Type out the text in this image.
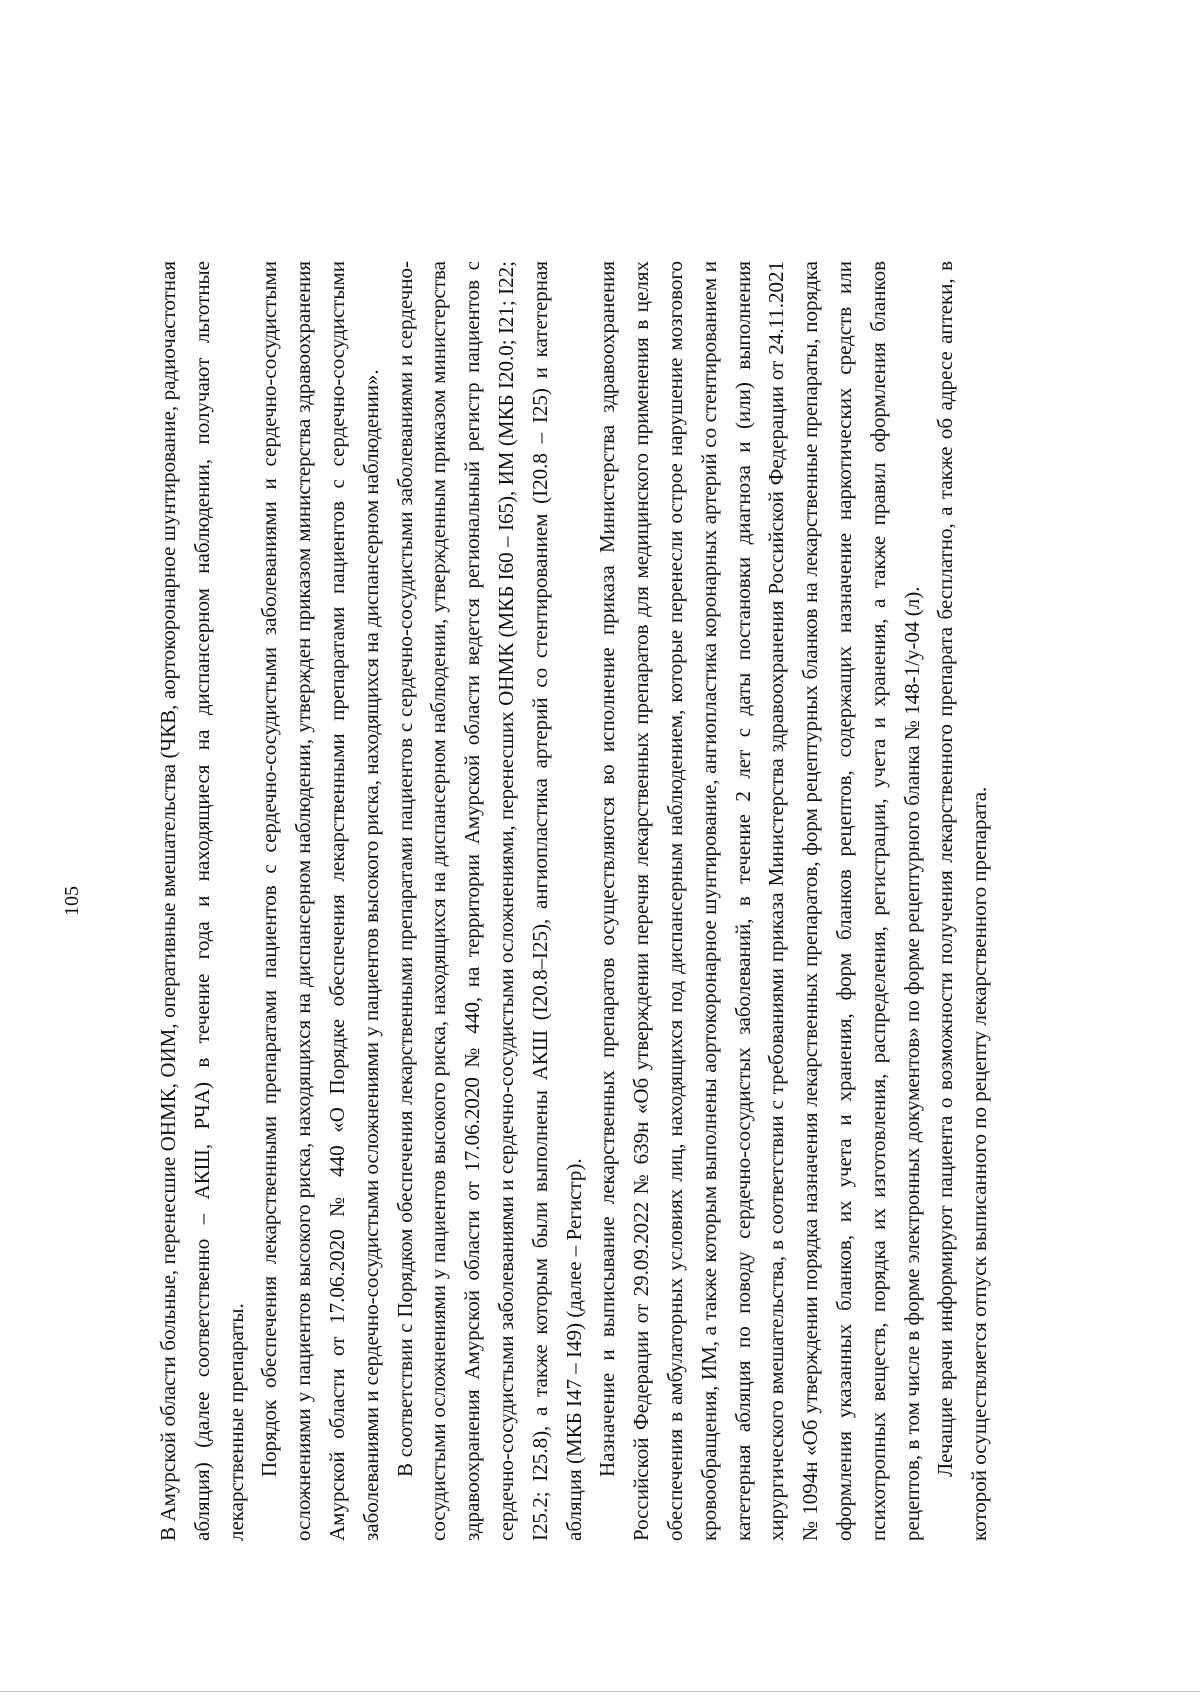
105	В Амурской области больные, перенесшие ОНМК, ОИМ, оперативные вмешательства (ЧКВ, аортокоронарное шунтирование, радиочастотная абляция) (далее соответственно – АКШ, РЧА) в течение года и находящиеся на диспансерном наблюдении, получают льготные лекарственные препараты. Порядок обеспечения лекарственными препаратами пациентов с сердечно-сосудистыми заболеваниями и сердечно-сосудистыми осложнениями у пациентов высокого риска, находящихся на диспансерном наблюдении, утвержден приказом министерства здравоохранения Амурской области от 17.06.2020 № 440 «О Порядке обеспечения лекарственными препаратами пациентов с сердечно-сосудистыми заболеваниями и сердечно-сосудистыми осложнениями у пациентов высокого риска, находящихся на диспансерном наблюдении». В соответствии с Порядком обеспечения лекарственными препаратами пациентов с сердечно-сосудистыми заболеваниями и сердечно-сосудистыми осложнениями у пациентов высокого риска, находящихся на диспансерном наблюдении, утвержденным приказом министерства здравоохранения Амурской области от 17.06.2020 № 440, на территории Амурской области ведется региональный регистр пациентов с сердечно-сосудистыми заболеваниями и сердечно-сосудистыми осложнениями, перенесших ОНМК (МКБ I60 – I65), ИМ (МКБ I20.0; I21; I22; I25.2; I25.8), а также которым были выполнены АКШ (I20.8–I25), ангиопластика артерий со стентированием (I20.8 – I25) и катетерная абляция (МКБ I47 – I49) (далее – Регистр). Назначение и выписывание лекарственных препаратов осуществляются во исполнение приказа Министерства здравоохранения Российской Федерации от 29.09.2022 № 639н «Об утверждении перечня лекарственных препаратов для медицинского применения в целях обеспечения в амбулаторных условиях лиц, находящихся под диспансерным наблюдением, которые перенесли острое нарушение мозгового кровообращения, ИМ, а также которым выполнены аортокоронарное шунтирование, ангиопластика коронарных артерий со стентированием и катетерная абляция по поводу сердечно-сосудистых заболеваний, в течение 2 лет с даты постановки диагноза и (или) выполнения хирургического вмешательства, в соответствии с требованиями приказа Министерства здравоохранения Российской Федерации от 24.11.2021 № 1094н «Об утверждении порядка назначения лекарственных препаратов, форм рецептурных бланков на лекарственные препараты, порядка оформления указанных бланков, их учета и хранения, форм бланков рецептов, содержащих назначение наркотических средств или психотропных веществ, порядка их изготовления, распределения, регистрации, учета и хранения, а также правил оформления бланков рецептов, в том числе в форме электронных документов» по форме рецептурного бланка № 148-1/у-04 (л). Лечащие врачи информируют пациента о возможности получения лекарственного препарата бесплатно, а также об адресе аптеки, в которой осуществляется отпуск выписанного по рецепту лекарственного препарата.
